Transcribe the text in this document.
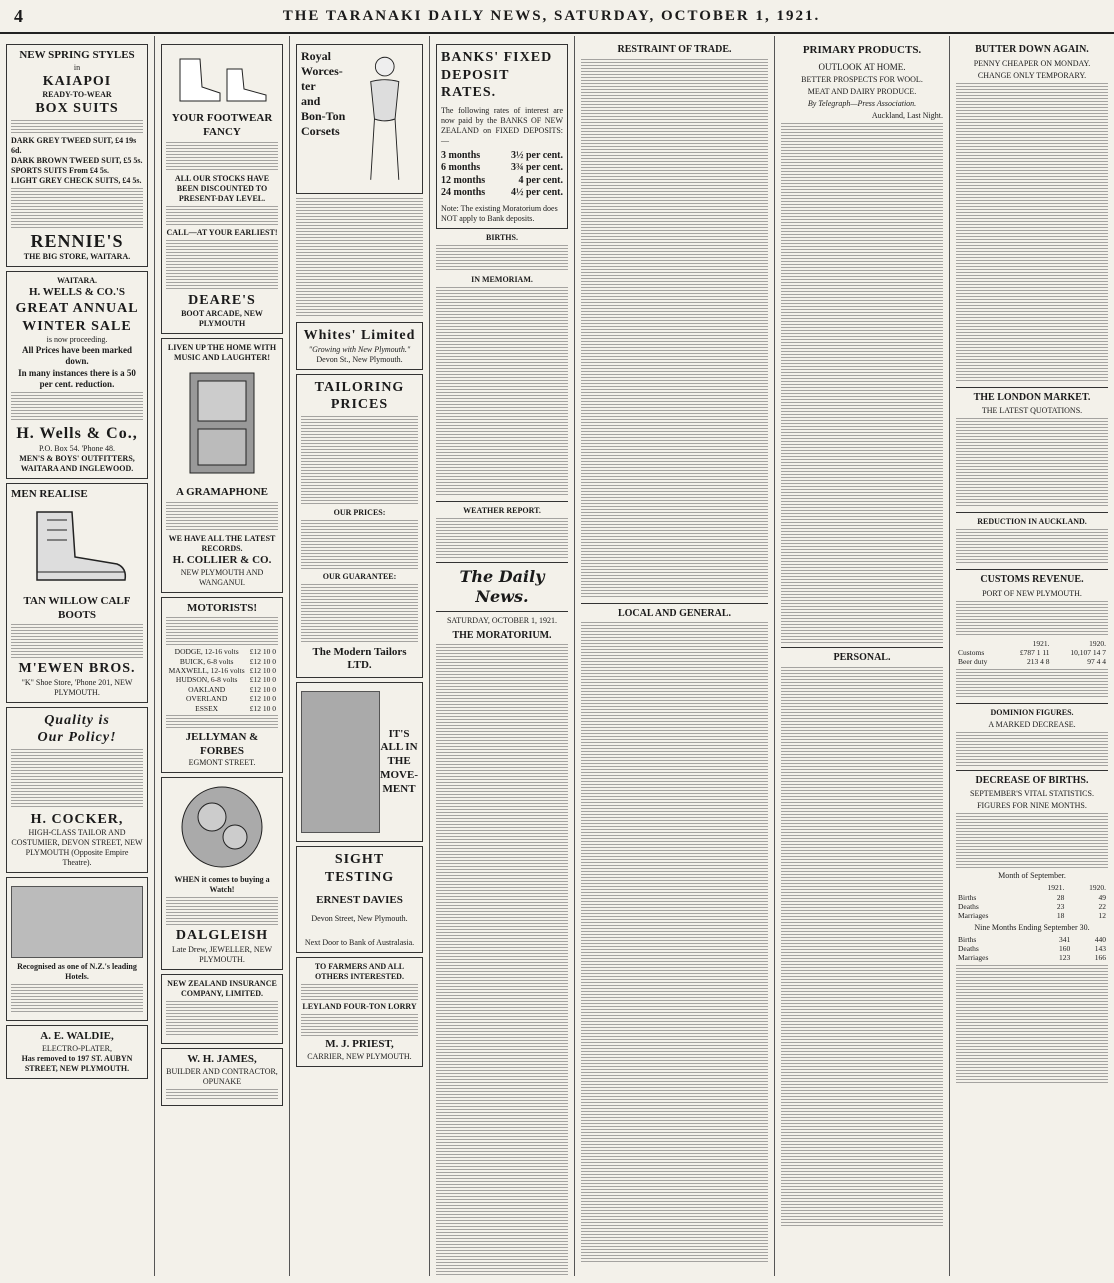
4	THE TARANAKI DAILY NEWS, SATURDAY, OCTOBER 1, 1921.
NEW SPRING STYLES
in
KAIAPOI
READY-TO-WEAR
BOX SUITS
DARK GREY TWEED SUIT, £4 19s 6d.
DARK BROWN TWEED SUIT, £5 5s.
SPORTS SUITS From £4 5s.
LIGHT GREY CHECK SUITS, £4 5s.
RENNIE'S
THE BIG STORE, WAITARA.
WAITARA.
H. WELLS & CO.'S
GREAT ANNUAL WINTER SALE
is now proceeding.
All Prices have been marked down.
In many instances there is a 50 per cent. reduction.
H. Wells & Co.,
P.O. Box 54. 'Phone 48.
MEN'S & BOYS' OUTFITTERS, WAITARA AND INGLEWOOD.
MEN REALISE
TAN WILLOW CALF BOOTS
M'EWEN BROS.
"K" Shoe Store, 'Phone 201, NEW PLYMOUTH.
Quality is
Our Policy!
H. COCKER,
HIGH-CLASS TAILOR AND COSTUMIER, DEVON STREET, NEW PLYMOUTH (Opposite Empire Theatre).
Recognised as one of N.Z.'s leading Hotels.
A. E. WALDIE,
ELECTRO-PLATER,
Has removed to 197 ST. AUBYN STREET, NEW PLYMOUTH.
YOUR FOOTWEAR FANCY
ALL OUR STOCKS HAVE BEEN DISCOUNTED TO PRESENT-DAY LEVEL.
CALL—AT YOUR EARLIEST!
DEARE'S
BOOT ARCADE, NEW PLYMOUTH
LIVEN UP THE HOME WITH MUSIC AND LAUGHTER!
A GRAMAPHONE
WE HAVE ALL THE LATEST RECORDS.
H. COLLIER & CO.
NEW PLYMOUTH AND WANGANUI.
MOTORISTS!
DODGE, 12-16 volts	£12 10 0
BUICK, 6-8 volts	£12 10 0
MAXWELL, 12-16 volts	£12 10 0
HUDSON, 6-8 volts	£12 10 0
OAKLAND	£12 10 0
OVERLAND	£12 10 0
ESSEX	£12 10 0
JELLYMAN & FORBES
EGMONT STREET.
WHEN it comes to buying a Watch!
DALGLEISH
Late Drew, JEWELLER, NEW PLYMOUTH.
NEW ZEALAND INSURANCE COMPANY, LIMITED.
W. H. JAMES,
BUILDER AND CONTRACTOR, OPUNAKE
Royal
Worces-
ter
and
Bon-Ton
Corsets
Whites' Limited
"Growing with New Plymouth."
Devon St., New Plymouth.
TAILORING PRICES
OUR PRICES:
OUR GUARANTEE:
The Modern Tailors LTD.
IT'S
ALL IN
THE
MOVE-
MENT
SIGHT TESTING
ERNEST DAVIES
Devon Street, New Plymouth.
Next Door to Bank of Australasia.
TO FARMERS AND ALL OTHERS INTERESTED.
LEYLAND FOUR-TON LORRY
M. J. PRIEST,
CARRIER, NEW PLYMOUTH.
BANKS' FIXED DEPOSIT RATES.
The following rates of interest are now paid by the BANKS OF NEW ZEALAND on FIXED DEPOSITS:—
3 months	3½ per cent.
6 months	3¾ per cent.
12 months	4 per cent.
24 months	4½ per cent.
Note: The existing Moratorium does NOT apply to Bank deposits.
BIRTHS.
IN MEMORIAM.
WEATHER REPORT.
The Daily News.
SATURDAY, OCTOBER 1, 1921.
THE MORATORIUM.
RESTRAINT OF TRADE.
LOCAL AND GENERAL.
PRIMARY PRODUCTS.
OUTLOOK AT HOME.
BETTER PROSPECTS FOR WOOL.
MEAT AND DAIRY PRODUCE.
By Telegraph—Press Association.
Auckland, Last Night.
PERSONAL.
BUTTER DOWN AGAIN.
PENNY CHEAPER ON MONDAY.
CHANGE ONLY TEMPORARY.
THE LONDON MARKET.
THE LATEST QUOTATIONS.
REDUCTION IN AUCKLAND.
CUSTOMS REVENUE.
PORT OF NEW PLYMOUTH.
	1921.	1920.
Customs	£787 1 11	10,107 14 7
Beer duty	213 4 8	97 4 4
DOMINION FIGURES.
A MARKED DECREASE.
DECREASE OF BIRTHS.
SEPTEMBER'S VITAL STATISTICS.
FIGURES FOR NINE MONTHS.
Month of September.
	1921.	1920.
Births	28	49
Deaths	23	22
Marriages	18	12
Nine Months Ending September 30.
Births	341	440
Deaths	160	143
Marriages	123	166
